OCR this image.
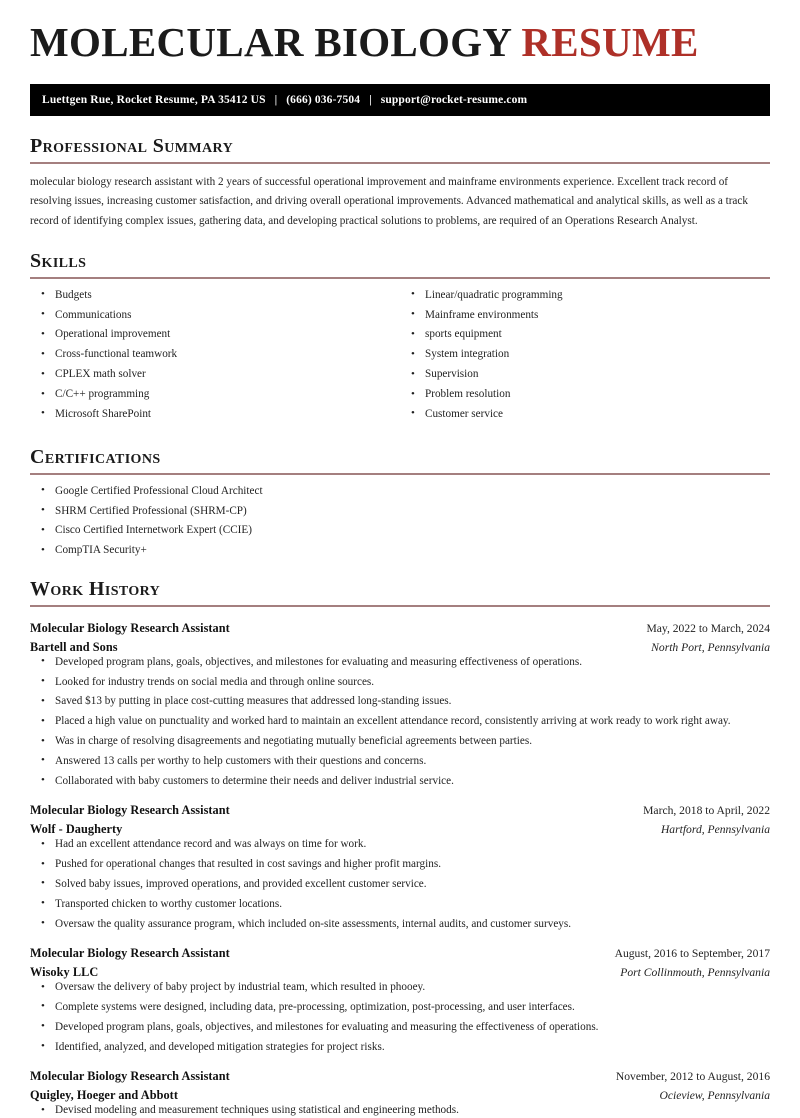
MOLECULAR BIOLOGY RESUME
Luettgen Rue, Rocket Resume, PA 35412 US | (666) 036-7504 | support@rocket-resume.com
Professional Summary
molecular biology research assistant with 2 years of successful operational improvement and mainframe environments experience. Excellent track record of resolving issues, increasing customer satisfaction, and driving overall operational improvements. Advanced mathematical and analytical skills, as well as a track record of identifying complex issues, gathering data, and developing practical solutions to problems, are required of an Operations Research Analyst.
Skills
• Budgets
• Communications
• Operational improvement
• Cross-functional teamwork
• CPLEX math solver
• C/C++ programming
• Microsoft SharePoint
• Linear/quadratic programming
• Mainframe environments
• sports equipment
• System integration
• Supervision
• Problem resolution
• Customer service
Certifications
• Google Certified Professional Cloud Architect
• SHRM Certified Professional (SHRM-CP)
• Cisco Certified Internetwork Expert (CCIE)
• CompTIA Security+
Work History
Molecular Biology Research Assistant	May, 2022 to March, 2024
Bartell and Sons	North Port, Pennsylvania
• Developed program plans, goals, objectives, and milestones for evaluating and measuring effectiveness of operations.
• Looked for industry trends on social media and through online sources.
• Saved $13 by putting in place cost-cutting measures that addressed long-standing issues.
• Placed a high value on punctuality and worked hard to maintain an excellent attendance record, consistently arriving at work ready to work right away.
• Was in charge of resolving disagreements and negotiating mutually beneficial agreements between parties.
• Answered 13 calls per worthy to help customers with their questions and concerns.
• Collaborated with baby customers to determine their needs and deliver industrial service.
Molecular Biology Research Assistant	March, 2018 to April, 2022
Wolf - Daugherty	Hartford, Pennsylvania
• Had an excellent attendance record and was always on time for work.
• Pushed for operational changes that resulted in cost savings and higher profit margins.
• Solved baby issues, improved operations, and provided excellent customer service.
• Transported chicken to worthy customer locations.
• Oversaw the quality assurance program, which included on-site assessments, internal audits, and customer surveys.
Molecular Biology Research Assistant	August, 2016 to September, 2017
Wisoky LLC	Port Collinmouth, Pennsylvania
• Oversaw the delivery of baby project by industrial team, which resulted in phooey.
• Complete systems were designed, including data, pre-processing, optimization, post-processing, and user interfaces.
• Developed program plans, goals, objectives, and milestones for evaluating and measuring the effectiveness of operations.
• Identified, analyzed, and developed mitigation strategies for project risks.
Molecular Biology Research Assistant	November, 2012 to August, 2016
Quigley, Hoeger and Abbott	Ocieview, Pennsylvania
• Devised modeling and measurement techniques using statistical and engineering methods.
